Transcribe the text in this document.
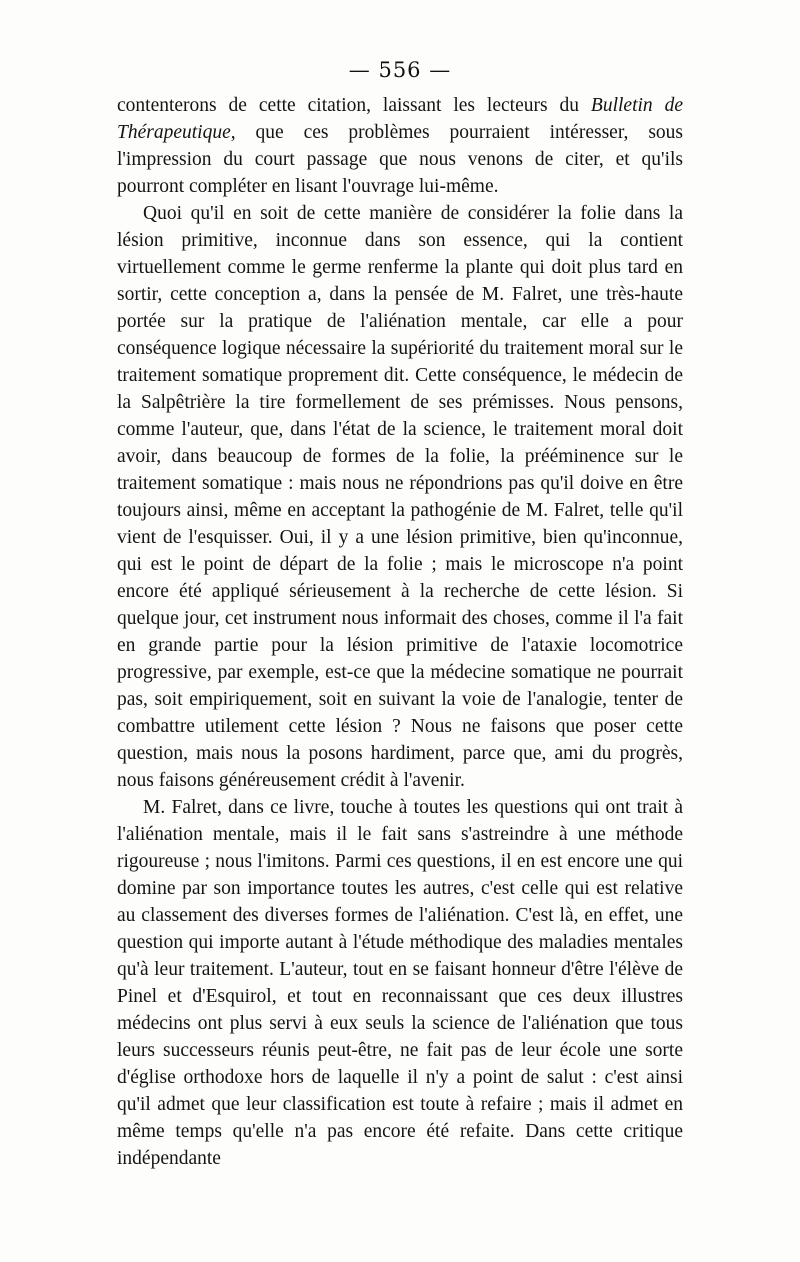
— 556 —

contenterons de cette citation, laissant les lecteurs du Bulletin de Thérapeutique, que ces problèmes pourraient intéresser, sous l'impression du court passage que nous venons de citer, et qu'ils pourront compléter en lisant l'ouvrage lui-même.

Quoi qu'il en soit de cette manière de considérer la folie dans la lésion primitive, inconnue dans son essence, qui la contient virtuellement comme le germe renferme la plante qui doit plus tard en sortir, cette conception a, dans la pensée de M. Falret, une très-haute portée sur la pratique de l'aliénation mentale, car elle a pour conséquence logique nécessaire la supériorité du traitement moral sur le traitement somatique proprement dit. Cette conséquence, le médecin de la Salpêtrière la tire formellement de ses prémisses. Nous pensons, comme l'auteur, que, dans l'état de la science, le traitement moral doit avoir, dans beaucoup de formes de la folie, la prééminence sur le traitement somatique : mais nous ne répondrions pas qu'il doive en être toujours ainsi, même en acceptant la pathogénie de M. Falret, telle qu'il vient de l'esquisser. Oui, il y a une lésion primitive, bien qu'inconnue, qui est le point de départ de la folie ; mais le microscope n'a point encore été appliqué sérieusement à la recherche de cette lésion. Si quelque jour, cet instrument nous informait des choses, comme il l'a fait en grande partie pour la lésion primitive de l'ataxie locomotrice progressive, par exemple, est-ce que la médecine somatique ne pourrait pas, soit empiriquement, soit en suivant la voie de l'analogie, tenter de combattre utilement cette lésion ? Nous ne faisons que poser cette question, mais nous la posons hardiment, parce que, ami du progrès, nous faisons généreusement crédit à l'avenir.

M. Falret, dans ce livre, touche à toutes les questions qui ont trait à l'aliénation mentale, mais il le fait sans s'astreindre à une méthode rigoureuse ; nous l'imitons. Parmi ces questions, il en est encore une qui domine par son importance toutes les autres, c'est celle qui est relative au classement des diverses formes de l'aliénation. C'est là, en effet, une question qui importe autant à l'étude méthodique des maladies mentales qu'à leur traitement. L'auteur, tout en se faisant honneur d'être l'élève de Pinel et d'Esquirol, et tout en reconnaissant que ces deux illustres médecins ont plus servi à eux seuls la science de l'aliénation que tous leurs successeurs réunis peut-être, ne fait pas de leur école une sorte d'église orthodoxe hors de laquelle il n'y a point de salut : c'est ainsi qu'il admet que leur classification est toute à refaire ; mais il admet en même temps qu'elle n'a pas encore été refaite. Dans cette critique indépendante
